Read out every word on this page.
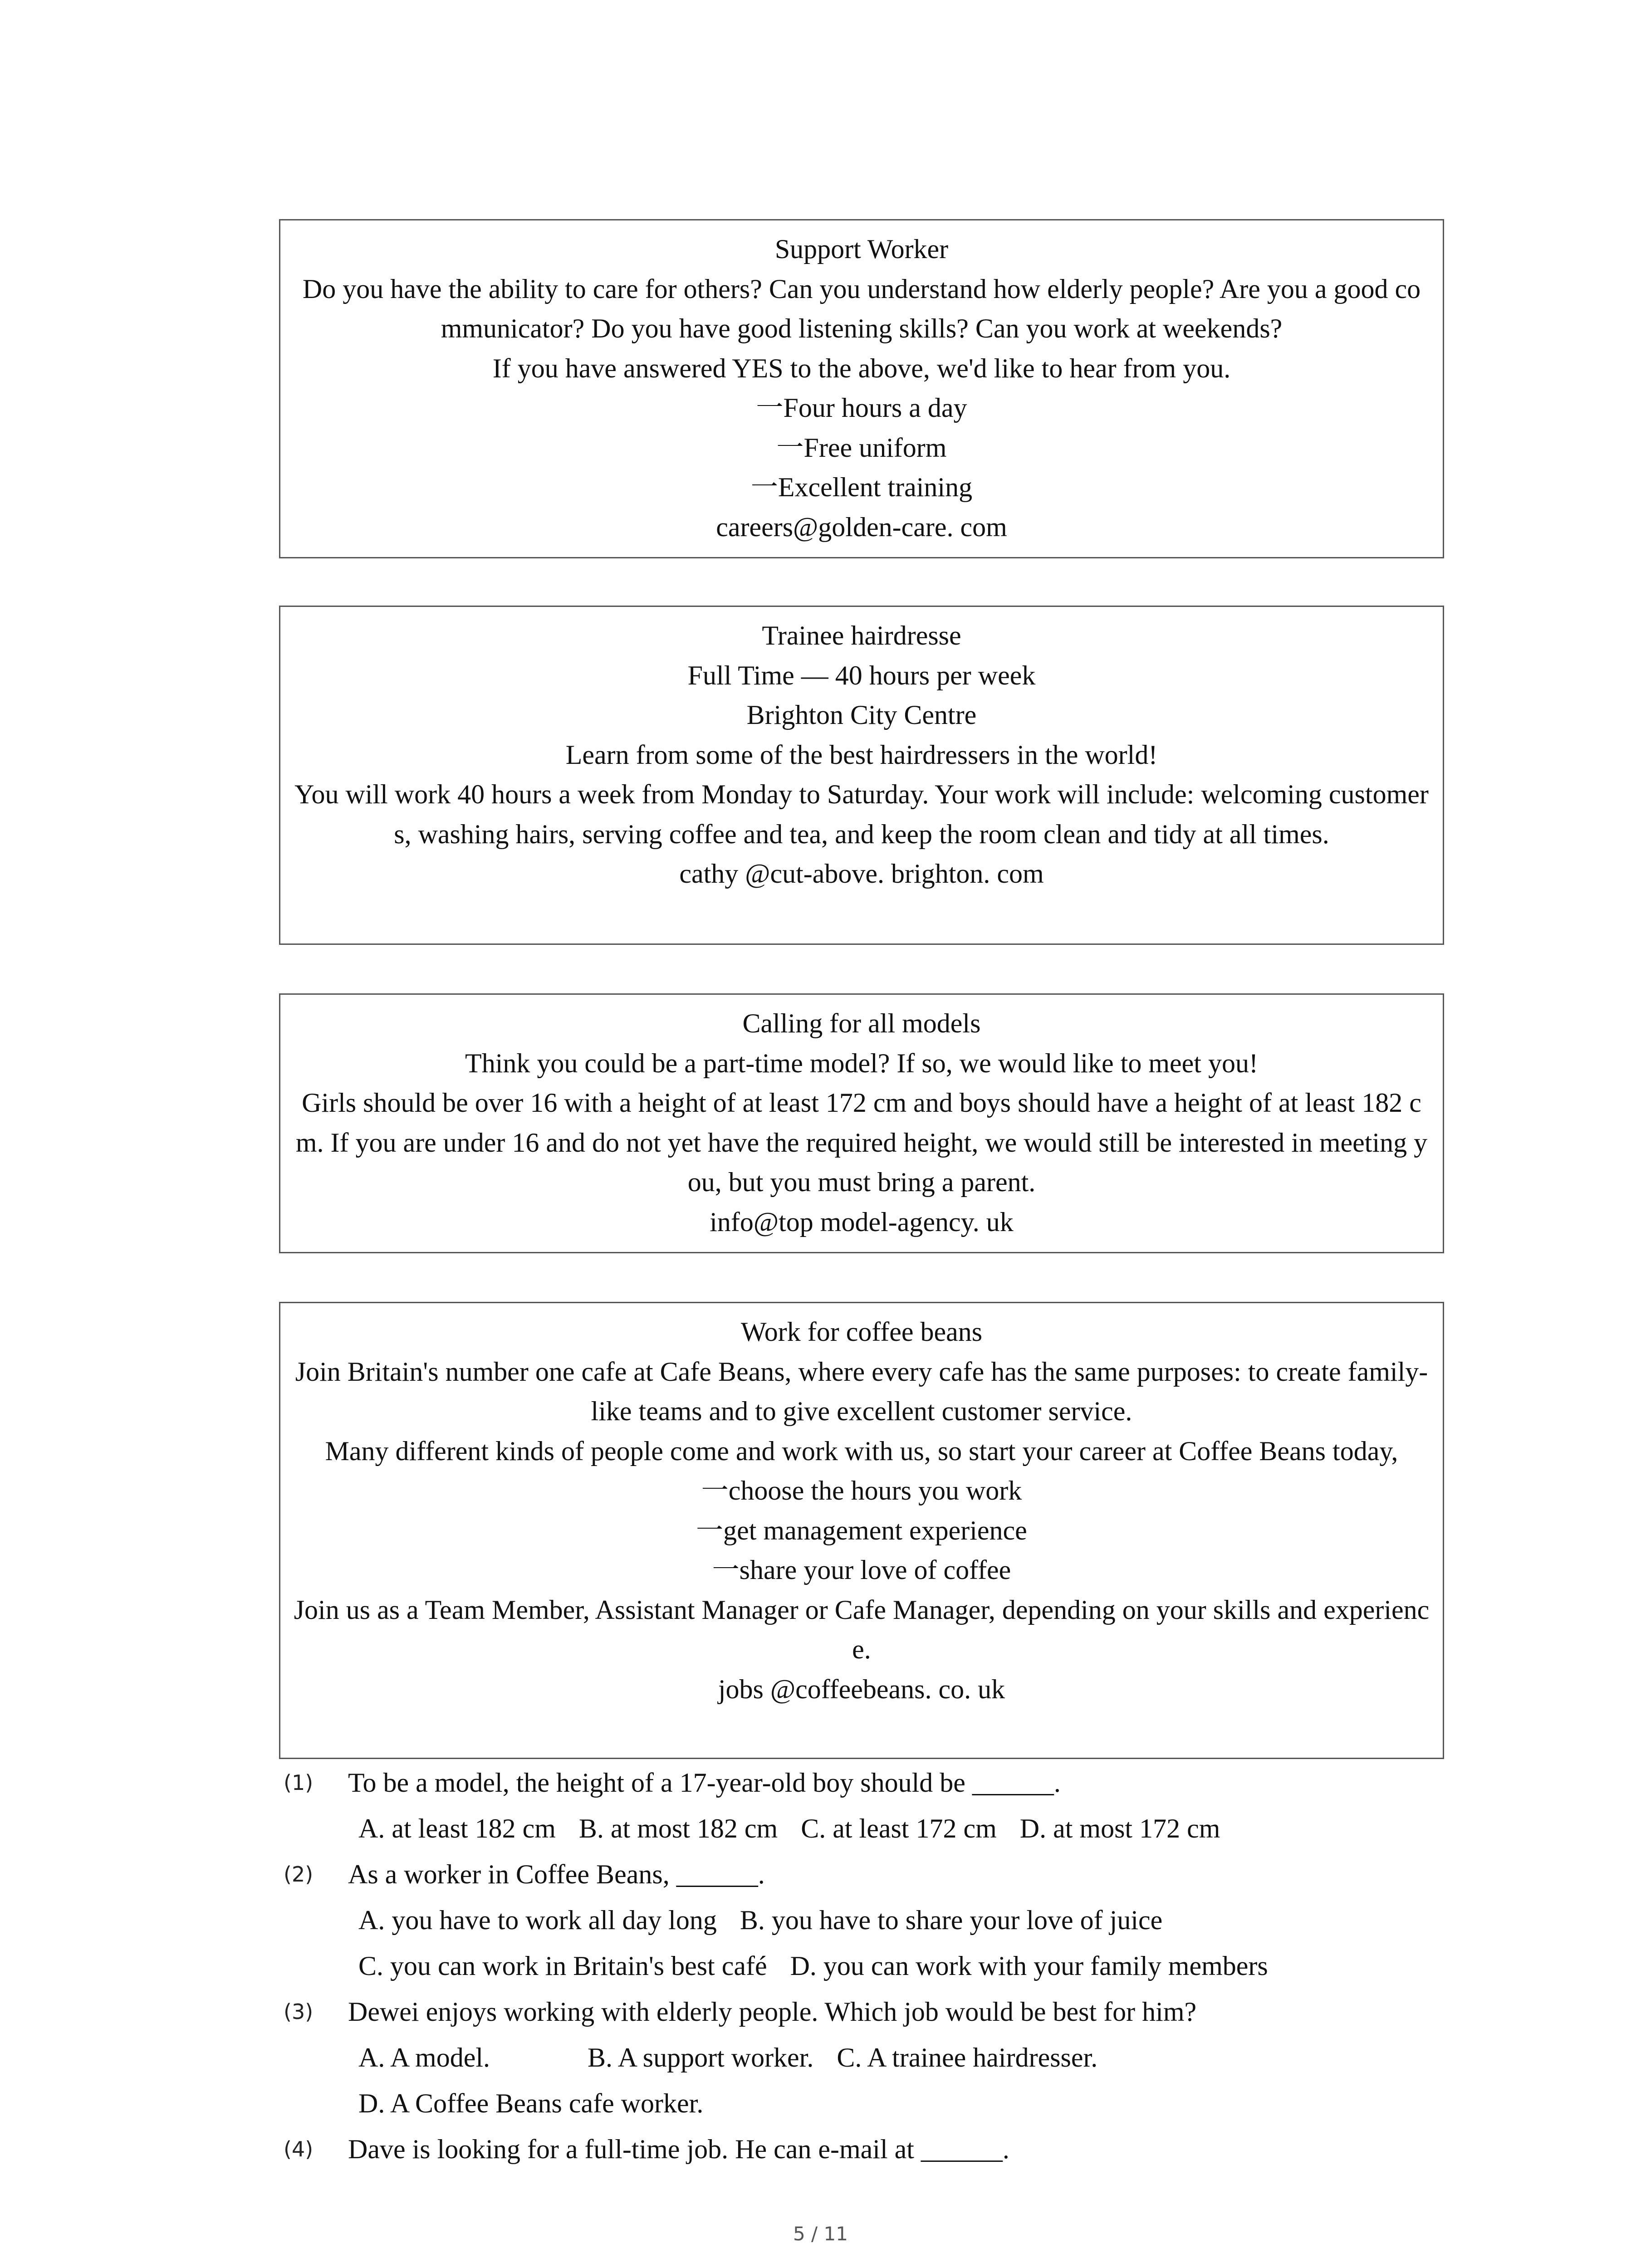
Support Worker
Do you have the ability to care for others? Can you understand how elderly people? Are you a good communicator? Do you have good listening skills? Can you work at weekends?
If you have answered YES to the above, we'd like to hear from you.
一Four hours a day
一Free uniform
一Excellent training
careers@golden-care. com
Trainee hairdresse
Full Time — 40 hours per week
Brighton City Centre
Learn from some of the best hairdressers in the world!
You will work 40 hours a week from Monday to Saturday. Your work will include: welcoming customers, washing hairs, serving coffee and tea, and keep the room clean and tidy at all times.
cathy @cut-above. brighton. com
Calling for all models
Think you could be a part-time model? If so, we would like to meet you!
Girls should be over 16 with a height of at least 172 cm and boys should have a height of at least 182 cm. If you are under 16 and do not yet have the required height, we would still be interested in meeting you, but you must bring a parent.
info@top model-agency. uk
Work for coffee beans
Join Britain's number one cafe at Cafe Beans, where every cafe has the same purposes: to create family-like teams and to give excellent customer service.
Many different kinds of people come and work with us, so start your career at Coffee Beans today,
一choose the hours you work
一get management experience
一share your love of coffee
Join us as a Team Member, Assistant Manager or Cafe Manager, depending on your skills and experience.
jobs @coffeebeans. co. uk
(1) To be a model, the height of a 17-year-old boy should be ______.
A. at least 182 cm B. at most 182 cm C. at least 172 cm D. at most 172 cm
(2) As a worker in Coffee Beans, ______.
A. you have to work all day long B. you have to share your love of juice
C. you can work in Britain's best café D. you can work with your family members
(3) Dewei enjoys working with elderly people. Which job would be best for him?
A. A model.	B. A support worker. C. A trainee hairdresser.
D. A Coffee Beans cafe worker.
(4) Dave is looking for a full-time job. He can e-mail at ______.
5 / 11
